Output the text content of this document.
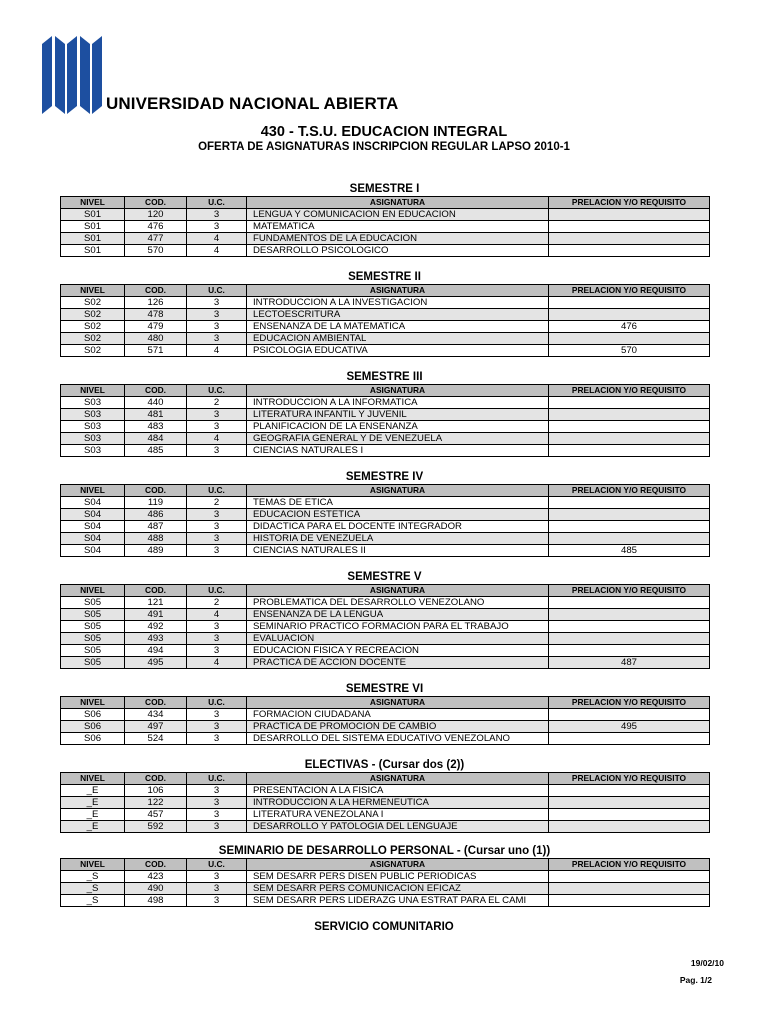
UNIVERSIDAD NACIONAL ABIERTA
430 - T.S.U. EDUCACION INTEGRAL
OFERTA DE ASIGNATURAS INSCRIPCION REGULAR LAPSO 2010-1
SEMESTRE I
NIVEL	COD.	U.C.	ASIGNATURA	PRELACION Y/O REQUISITO
S01	120	3	LENGUA Y COMUNICACION EN EDUCACION	
S01	476	3	MATEMATICA	
S01	477	4	FUNDAMENTOS DE LA EDUCACION	
S01	570	4	DESARROLLO PSICOLOGICO	
SEMESTRE II
NIVEL	COD.	U.C.	ASIGNATURA	PRELACION Y/O REQUISITO
S02	126	3	INTRODUCCION A LA INVESTIGACION	
S02	478	3	LECTOESCRITURA	
S02	479	3	ENSENANZA DE LA MATEMATICA	476
S02	480	3	EDUCACION AMBIENTAL	
S02	571	4	PSICOLOGIA EDUCATIVA	570
SEMESTRE III
NIVEL	COD.	U.C.	ASIGNATURA	PRELACION Y/O REQUISITO
S03	440	2	INTRODUCCION A LA INFORMATICA	
S03	481	3	LITERATURA INFANTIL Y JUVENIL	
S03	483	3	PLANIFICACION DE LA ENSENANZA	
S03	484	4	GEOGRAFIA GENERAL Y DE VENEZUELA	
S03	485	3	CIENCIAS NATURALES I	
SEMESTRE IV
NIVEL	COD.	U.C.	ASIGNATURA	PRELACION Y/O REQUISITO
S04	119	2	TEMAS DE ETICA	
S04	486	3	EDUCACION ESTETICA	
S04	487	3	DIDACTICA PARA EL DOCENTE INTEGRADOR	
S04	488	3	HISTORIA DE VENEZUELA	
S04	489	3	CIENCIAS NATURALES II	485
SEMESTRE V
NIVEL	COD.	U.C.	ASIGNATURA	PRELACION Y/O REQUISITO
S05	121	2	PROBLEMATICA DEL DESARROLLO VENEZOLANO	
S05	491	4	ENSENANZA DE LA LENGUA	
S05	492	3	SEMINARIO PRACTICO FORMACION PARA EL TRABAJO	
S05	493	3	EVALUACION	
S05	494	3	EDUCACION FISICA Y RECREACION	
S05	495	4	PRACTICA DE ACCION DOCENTE	487
SEMESTRE VI
NIVEL	COD.	U.C.	ASIGNATURA	PRELACION Y/O REQUISITO
S06	434	3	FORMACION CIUDADANA	
S06	497	3	PRACTICA DE PROMOCION DE CAMBIO	495
S06	524	3	DESARROLLO DEL SISTEMA EDUCATIVO VENEZOLANO	
ELECTIVAS - (Cursar dos (2))
NIVEL	COD.	U.C.	ASIGNATURA	PRELACION Y/O REQUISITO
_E	106	3	PRESENTACION A LA FISICA	
_E	122	3	INTRODUCCION A LA HERMENEUTICA	
_E	457	3	LITERATURA VENEZOLANA I	
_E	592	3	DESARROLLO Y PATOLOGIA DEL LENGUAJE	
SEMINARIO DE DESARROLLO PERSONAL - (Cursar uno (1))
NIVEL	COD.	U.C.	ASIGNATURA	PRELACION Y/O REQUISITO
_S	423	3	SEM DESARR PERS DISEN PUBLIC PERIODICAS	
_S	490	3	SEM DESARR PERS COMUNICACION EFICAZ	
_S	498	3	SEM DESARR PERS LIDERAZG UNA ESTRAT PARA EL CAMI	
SERVICIO COMUNITARIO
19/02/10
Pag. 1/2
